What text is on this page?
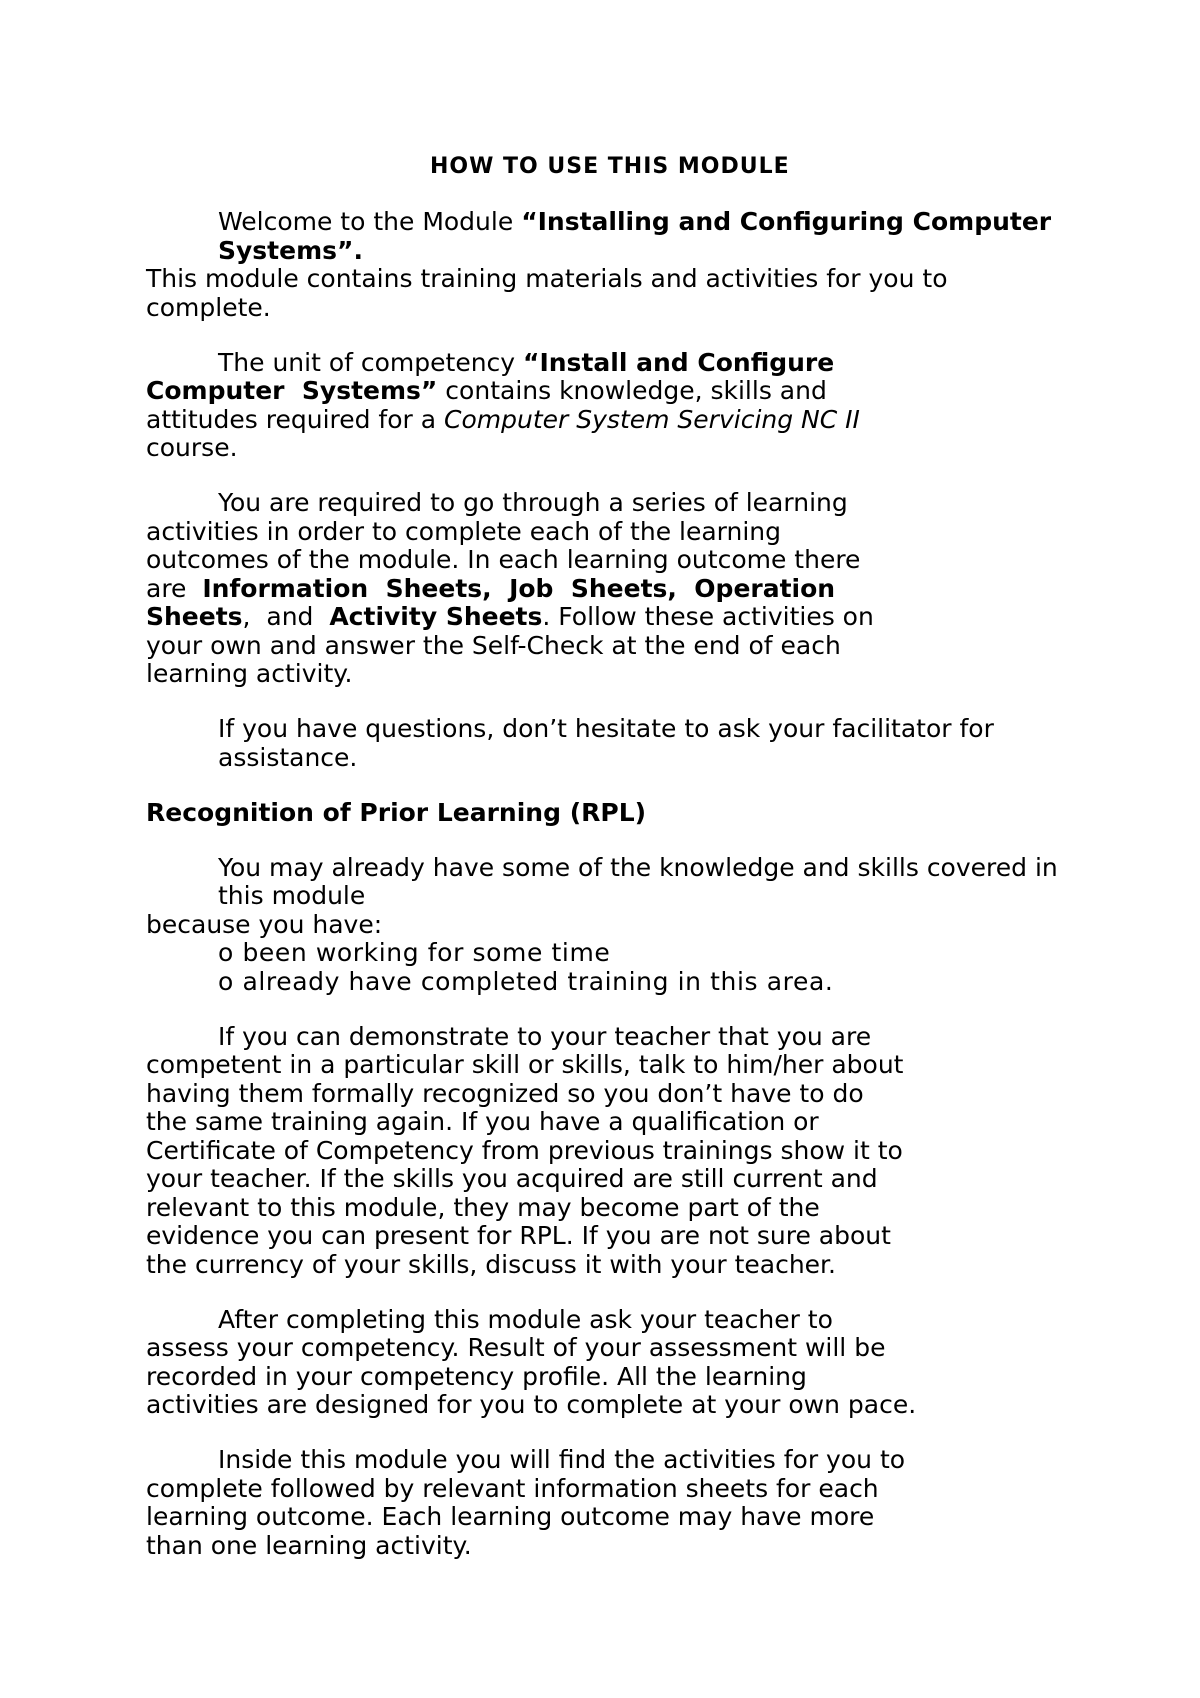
HOW TO USE THIS MODULE
Welcome to the Module “Installing and Configuring Computer
Systems”.
This module contains training materials and activities for you to
complete.
The unit of competency “Install and Configure
Computer  Systems” contains knowledge, skills and
attitudes required for a Computer System Servicing NC II
course.
You are required to go through a series of learning
activities in order to complete each of the learning
outcomes of the module. In each learning outcome there
are  Information  Sheets,  Job  Sheets,  Operation
Sheets,  and  Activity Sheets. Follow these activities on
your own and answer the Self-Check at the end of each
learning activity.
If you have questions, don’t hesitate to ask your facilitator for
assistance.
Recognition of Prior Learning (RPL)
You may already have some of the knowledge and skills covered in
this module
because you have:
o been working for some time
o already have completed training in this area.
If you can demonstrate to your teacher that you are
competent in a particular skill or skills, talk to him/her about
having them formally recognized so you don’t have to do
the same training again. If you have a qualification or
Certificate of Competency from previous trainings show it to
your teacher. If the skills you acquired are still current and
relevant to this module, they may become part of the
evidence you can present for RPL. If you are not sure about
the currency of your skills, discuss it with your teacher.
After completing this module ask your teacher to
assess your competency. Result of your assessment will be
recorded in your competency profile. All the learning
activities are designed for you to complete at your own pace.
Inside this module you will find the activities for you to
complete followed by relevant information sheets for each
learning outcome. Each learning outcome may have more
than one learning activity.
